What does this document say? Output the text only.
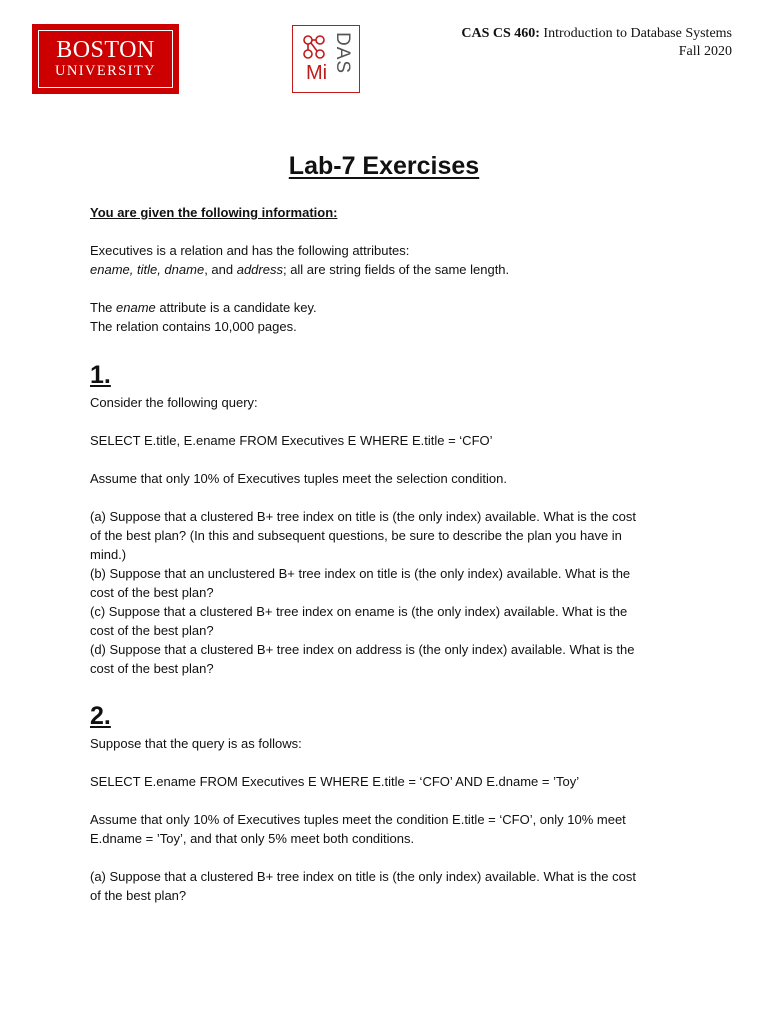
BOSTON
UNIVERSITY	Mi DAS	CAS CS 460: Introduction to Database Systems
Fall 2020
Lab-7 Exercises

You are given the following information:

Executives is a relation and has the following attributes:

ename, title, dname, and address; all are string fields of the same length.

The ename attribute is a candidate key.

The relation contains 10,000 pages.

1.

Consider the following query:

SELECT E.title, E.ename FROM Executives E WHERE E.title = ‘CFO’

Assume that only 10% of Executives tuples meet the selection condition.

(a) Suppose that a clustered B+ tree index on title is (the only index) available. What is the cost

of the best plan? (In this and subsequent questions, be sure to describe the plan you have in

mind.)

(b) Suppose that an unclustered B+ tree index on title is (the only index) available. What is the

cost of the best plan?

(c) Suppose that a clustered B+ tree index on ename is (the only index) available. What is the

cost of the best plan?

(d) Suppose that a clustered B+ tree index on address is (the only index) available. What is the

cost of the best plan?

2.

Suppose that the query is as follows:

SELECT E.ename FROM Executives E WHERE E.title = ‘CFO’ AND E.dname = ’Toy’

Assume that only 10% of Executives tuples meet the condition E.title = ‘CFO’, only 10% meet

E.dname = ’Toy’, and that only 5% meet both conditions.

(a) Suppose that a clustered B+ tree index on title is (the only index) available. What is the cost

of the best plan?
